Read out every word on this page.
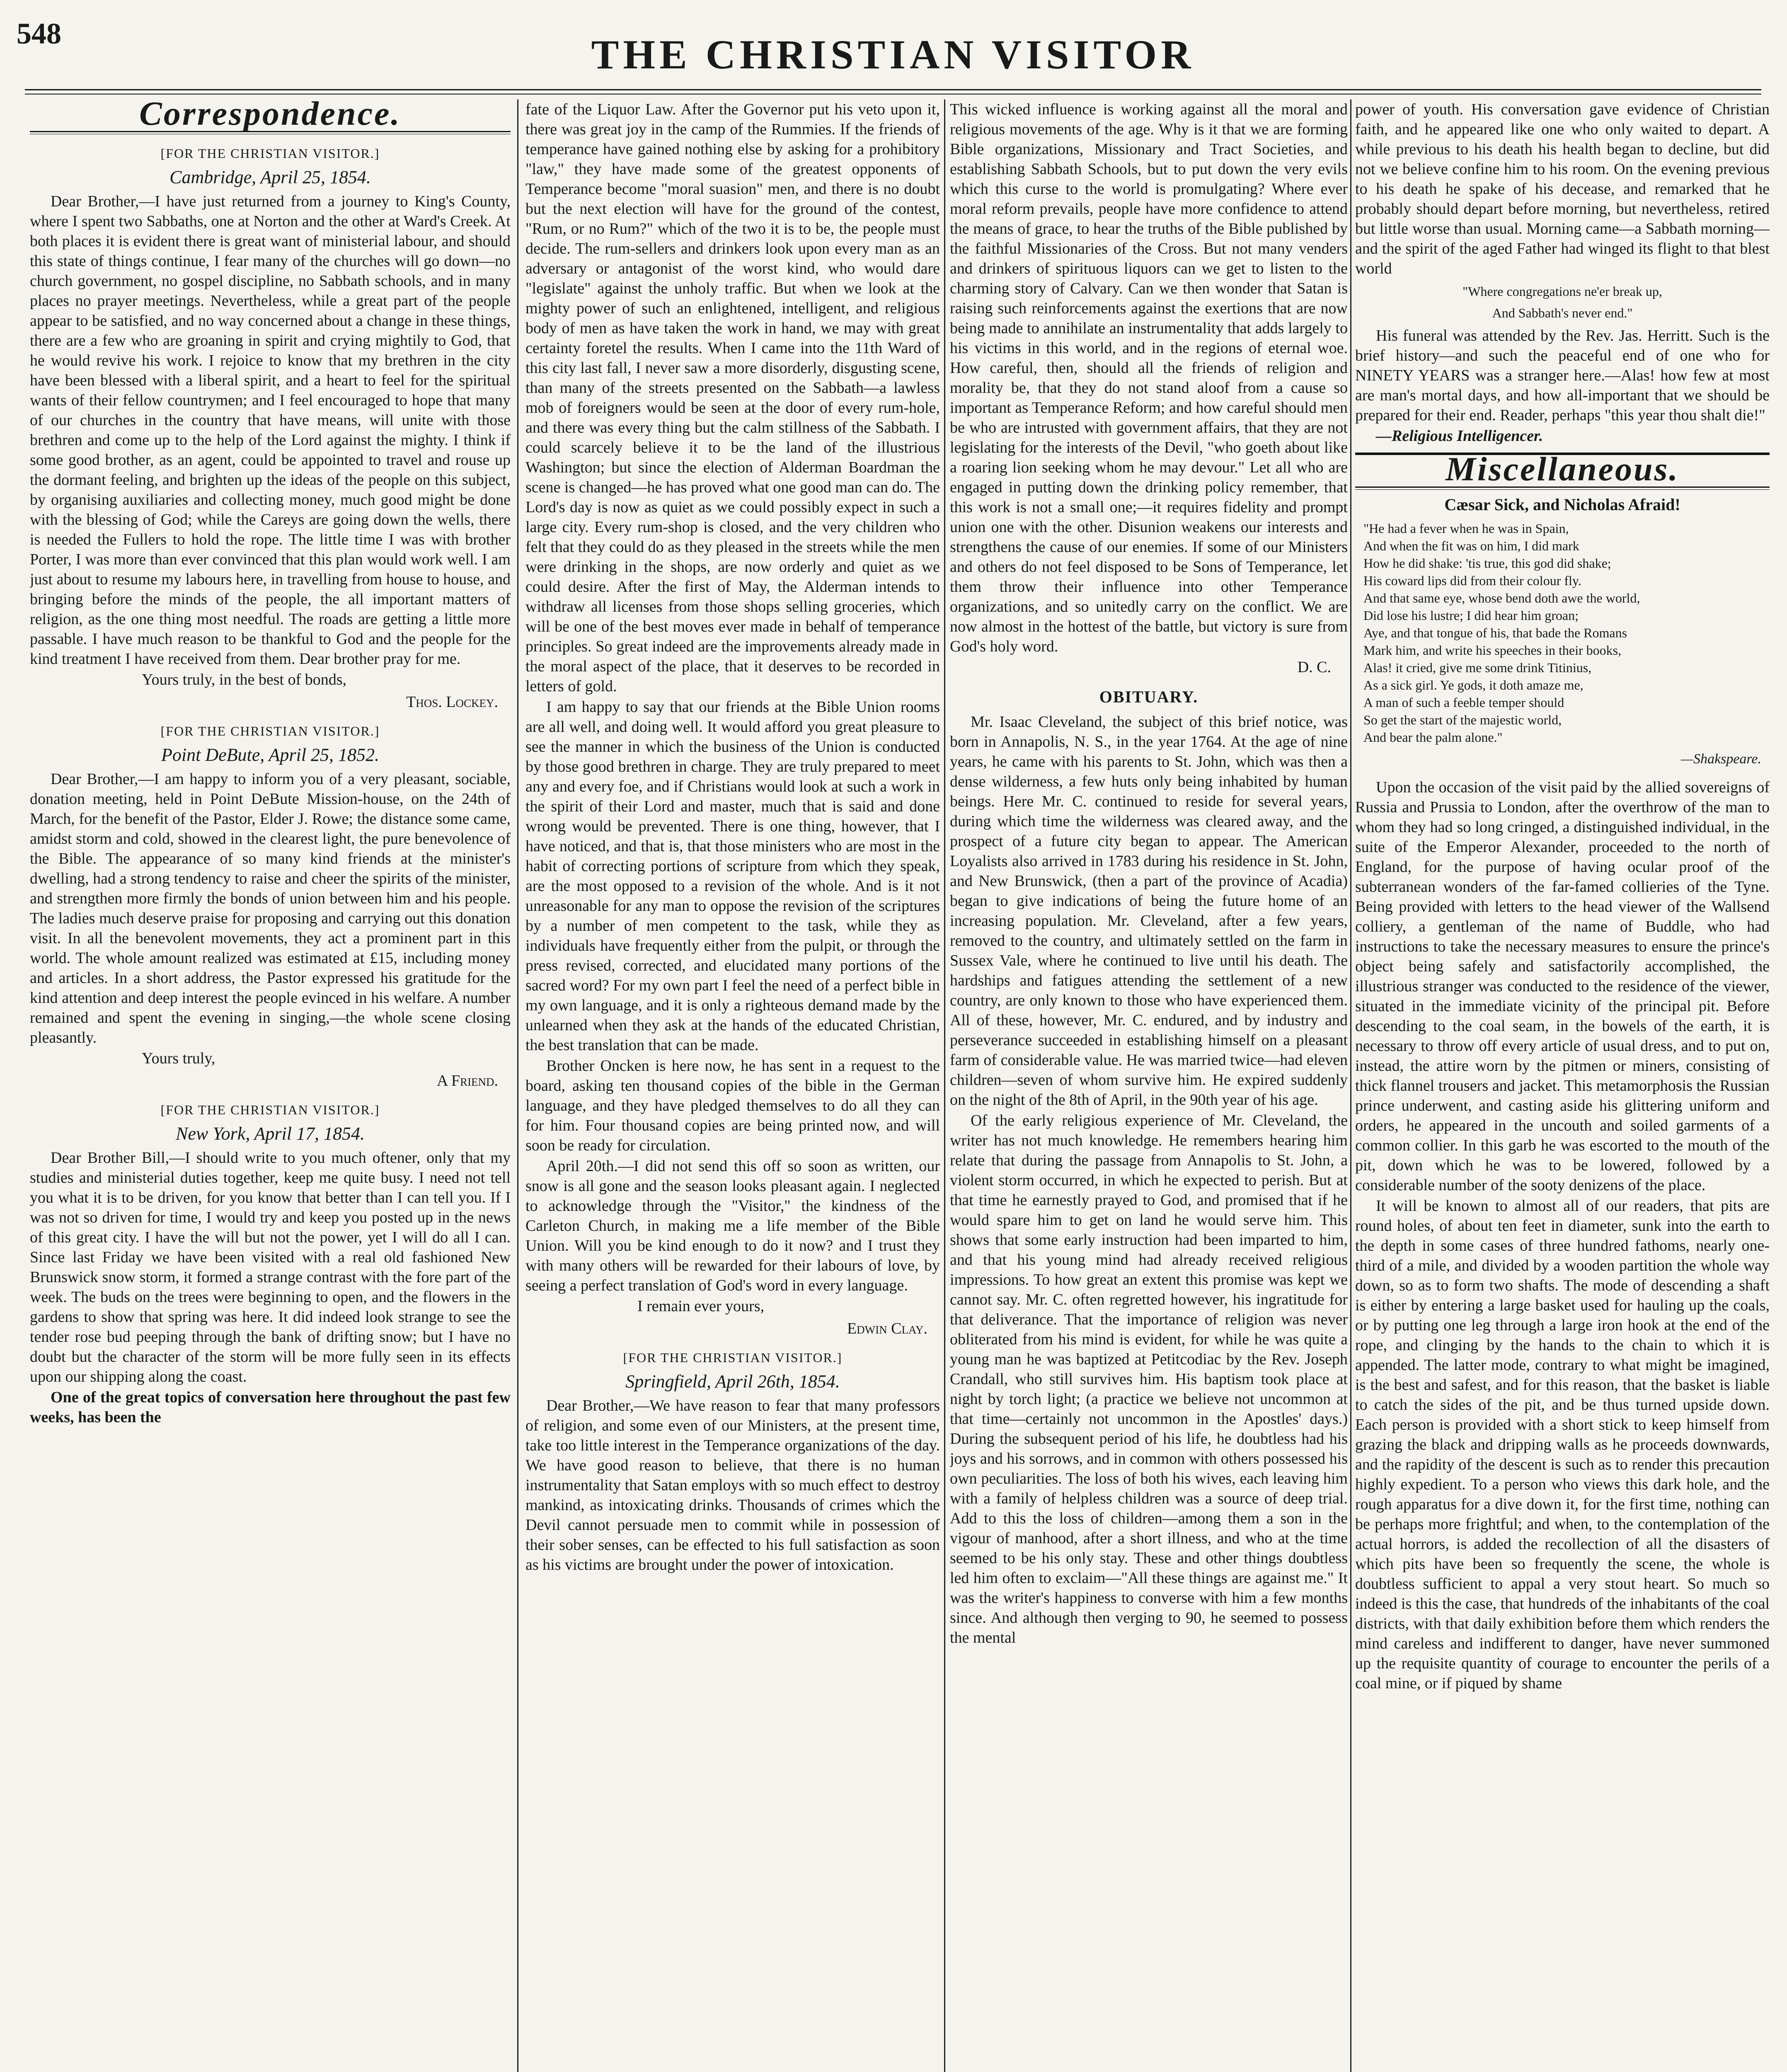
548	THE CHRISTIAN VISITOR
Correspondence.
[FOR THE CHRISTIAN VISITOR.]
Cambridge, April 25, 1854.

Dear Brother,—I have just returned from a journey to King's County, where I spent two Sabbaths, one at Norton and the other at Ward's Creek. At both places it is evident there is great want of ministerial labour, and should this state of things continue, I fear many of the churches will go down—no church government, no gospel discipline, no Sabbath schools, and in many places no prayer meetings. Nevertheless, while a great part of the people appear to be satisfied, and no way concerned about a change in these things, there are a few who are groaning in spirit and crying mightily to God, that he would revive his work. I rejoice to know that my brethren in the city have been blessed with a liberal spirit, and a heart to feel for the spiritual wants of their fellow countrymen; and I feel encouraged to hope that many of our churches in the country that have means, will unite with those brethren and come up to the help of the Lord against the mighty. I think if some good brother, as an agent, could be appointed to travel and rouse up the dormant feeling, and brighten up the ideas of the people on this subject, by organising auxiliaries and collecting money, much good might be done with the blessing of God; while the Careys are going down the wells, there is needed the Fullers to hold the rope. The little time I was with brother Porter, I was more than ever convinced that this plan would work well. I am just about to resume my labours here, in travelling from house to house, and bringing before the minds of the people, the all important matters of religion, as the one thing most needful. The roads are getting a little more passable. I have much reason to be thankful to God and the people for the kind treatment I have received from them. Dear brother pray for me.

Yours truly, in the best of bonds,

Thos. Lockey.
[FOR THE CHRISTIAN VISITOR.]
Point DeBute, April 25, 1852.

Dear Brother,—I am happy to inform you of a very pleasant, sociable, donation meeting, held in Point DeBute Mission-house, on the 24th of March, for the benefit of the Pastor, Elder J. Rowe; the distance some came, amidst storm and cold, showed in the clearest light, the pure benevolence of the Bible. The appearance of so many kind friends at the minister's dwelling, had a strong tendency to raise and cheer the spirits of the minister, and strengthen more firmly the bonds of union between him and his people. The ladies much deserve praise for proposing and carrying out this donation visit. In all the benevolent movements, they act a prominent part in this world. The whole amount realized was estimated at £15, including money and articles. In a short address, the Pastor expressed his gratitude for the kind attention and deep interest the people evinced in his welfare. A number remained and spent the evening in singing,—the whole scene closing pleasantly.

Yours truly,

A Friend.
[FOR THE CHRISTIAN VISITOR.]
New York, April 17, 1854.

Dear Brother Bill,—I should write to you much oftener, only that my studies and ministerial duties together, keep me quite busy. I need not tell you what it is to be driven, for you know that better than I can tell you. If I was not so driven for time, I would try and keep you posted up in the news of this great city. I have the will but not the power, yet I will do all I can. Since last Friday we have been visited with a real old fashioned New Brunswick snow storm, it formed a strange contrast with the fore part of the week. The buds on the trees were beginning to open, and the flowers in the gardens to show that spring was here. It did indeed look strange to see the tender rose bud peeping through the bank of drifting snow; but I have no doubt but the character of the storm will be more fully seen in its effects upon our shipping along the coast.

One of the great topics of conversation here throughout the past few weeks, has been the

fate of the Liquor Law. After the Governor put his veto upon it, there was great joy in the camp of the Rummies. If the friends of temperance have gained nothing else by asking for a prohibitory "law," they have made some of the greatest opponents of Temperance become "moral suasion" men, and there is no doubt but the next election will have for the ground of the contest, "Rum, or no Rum?" which of the two it is to be, the people must decide. The rum-sellers and drinkers look upon every man as an adversary or antagonist of the worst kind, who would dare "legislate" against the unholy traffic. But when we look at the mighty power of such an enlightened, intelligent, and religious body of men as have taken the work in hand, we may with great certainty foretel the results. When I came into the 11th Ward of this city last fall, I never saw a more disorderly, disgusting scene, than many of the streets presented on the Sabbath—a lawless mob of foreigners would be seen at the door of every rum-hole, and there was every thing but the calm stillness of the Sabbath. I could scarcely believe it to be the land of the illustrious Washington; but since the election of Alderman Boardman the scene is changed—he has proved what one good man can do. The Lord's day is now as quiet as we could possibly expect in such a large city. Every rum-shop is closed, and the very children who felt that they could do as they pleased in the streets while the men were drinking in the shops, are now orderly and quiet as we could desire. After the first of May, the Alderman intends to withdraw all licenses from those shops selling groceries, which will be one of the best moves ever made in behalf of temperance principles. So great indeed are the improvements already made in the moral aspect of the place, that it deserves to be recorded in letters of gold.

I am happy to say that our friends at the Bible Union rooms are all well, and doing well. It would afford you great pleasure to see the manner in which the business of the Union is conducted by those good brethren in charge. They are truly prepared to meet any and every foe, and if Christians would look at such a work in the spirit of their Lord and master, much that is said and done wrong would be prevented. There is one thing, however, that I have noticed, and that is, that those ministers who are most in the habit of correcting portions of scripture from which they speak, are the most opposed to a revision of the whole. And is it not unreasonable for any man to oppose the revision of the scriptures by a number of men competent to the task, while they as individuals have frequently either from the pulpit, or through the press revised, corrected, and elucidated many portions of the sacred word? For my own part I feel the need of a perfect bible in my own language, and it is only a righteous demand made by the unlearned when they ask at the hands of the educated Christian, the best translation that can be made.

Brother Oncken is here now, he has sent in a request to the board, asking ten thousand copies of the bible in the German language, and they have pledged themselves to do all they can for him. Four thousand copies are being printed now, and will soon be ready for circulation.

April 20th.—I did not send this off so soon as written, our snow is all gone and the season looks pleasant again. I neglected to acknowledge through the "Visitor," the kindness of the Carleton Church, in making me a life member of the Bible Union. Will you be kind enough to do it now? and I trust they with many others will be rewarded for their labours of love, by seeing a perfect translation of God's word in every language.

I remain ever yours,

Edwin Clay.
[FOR THE CHRISTIAN VISITOR.]
Springfield, April 26th, 1854.

Dear Brother,—We have reason to fear that many professors of religion, and some even of our Ministers, at the present time, take too little interest in the Temperance organizations of the day. We have good reason to believe, that there is no human instrumentality that Satan employs with so much effect to destroy mankind, as intoxicating drinks. Thousands of crimes which the Devil cannot persuade men to commit while in possession of their sober senses, can be effected to his full satisfaction as soon as his victims are brought under the power of intoxication.

This wicked influence is working against all the moral and religious movements of the age. Why is it that we are forming Bible organizations, Missionary and Tract Societies, and establishing Sabbath Schools, but to put down the very evils which this curse to the world is promulgating? Where ever moral reform prevails, people have more confidence to attend the means of grace, to hear the truths of the Bible published by the faithful Missionaries of the Cross. But not many venders and drinkers of spirituous liquors can we get to listen to the charming story of Calvary. Can we then wonder that Satan is raising such reinforcements against the exertions that are now being made to annihilate an instrumentality that adds largely to his victims in this world, and in the regions of eternal woe. How careful, then, should all the friends of religion and morality be, that they do not stand aloof from a cause so important as Temperance Reform; and how careful should men be who are intrusted with government affairs, that they are not legislating for the interests of the Devil, "who goeth about like a roaring lion seeking whom he may devour." Let all who are engaged in putting down the drinking policy remember, that this work is not a small one;—it requires fidelity and prompt union one with the other. Disunion weakens our interests and strengthens the cause of our enemies. If some of our Ministers and others do not feel disposed to be Sons of Temperance, let them throw their influence into other Temperance organizations, and so unitedly carry on the conflict. We are now almost in the hottest of the battle, but victory is sure from God's holy word.

D. C.
OBITUARY.

Mr. Isaac Cleveland, the subject of this brief notice, was born in Annapolis, N. S., in the year 1764. At the age of nine years, he came with his parents to St. John, which was then a dense wilderness, a few huts only being inhabited by human beings. Here Mr. C. continued to reside for several years, during which time the wilderness was cleared away, and the prospect of a future city began to appear. The American Loyalists also arrived in 1783 during his residence in St. John, and New Brunswick, (then a part of the province of Acadia) began to give indications of being the future home of an increasing population. Mr. Cleveland, after a few years, removed to the country, and ultimately settled on the farm in Sussex Vale, where he continued to live until his death. The hardships and fatigues attending the settlement of a new country, are only known to those who have experienced them. All of these, however, Mr. C. endured, and by industry and perseverance succeeded in establishing himself on a pleasant farm of considerable value. He was married twice—had eleven children—seven of whom survive him. He expired suddenly on the night of the 8th of April, in the 90th year of his age.

Of the early religious experience of Mr. Cleveland, the writer has not much knowledge. He remembers hearing him relate that during the passage from Annapolis to St. John, a violent storm occurred, in which he expected to perish. But at that time he earnestly prayed to God, and promised that if he would spare him to get on land he would serve him. This shows that some early instruction had been imparted to him, and that his young mind had already received religious impressions. To how great an extent this promise was kept we cannot say. Mr. C. often regretted however, his ingratitude for that deliverance. That the importance of religion was never obliterated from his mind is evident, for while he was quite a young man he was baptized at Petitcodiac by the Rev. Joseph Crandall, who still survives him. His baptism took place at night by torch light; (a practice we believe not uncommon at that time—certainly not uncommon in the Apostles' days.) During the subsequent period of his life, he doubtless had his joys and his sorrows, and in common with others possessed his own peculiarities. The loss of both his wives, each leaving him with a family of helpless children was a source of deep trial. Add to this the loss of children—among them a son in the vigour of manhood, after a short illness, and who at the time seemed to be his only stay. These and other things doubtless led him often to exclaim—"All these things are against me." It was the writer's happiness to converse with him a few months since. And although then verging to 90, he seemed to possess the mental

power of youth. His conversation gave evidence of Christian faith, and he appeared like one who only waited to depart. A while previous to his death his health began to decline, but did not we believe confine him to his room. On the evening previous to his death he spake of his decease, and remarked that he probably should depart before morning, but nevertheless, retired but little worse than usual. Morning came—a Sabbath morning—and the spirit of the aged Father had winged its flight to that blest world

"Where congregations ne'er break up,
And Sabbath's never end."

His funeral was attended by the Rev. Jas. Herritt. Such is the brief history—and such the peaceful end of one who for NINETY YEARS was a stranger here.—Alas! how few at most are man's mortal days, and how all-important that we should be prepared for their end. Reader, perhaps "this year thou shalt die!"

—Religious Intelligencer.
Miscellaneous.
Cæsar Sick, and Nicholas Afraid!
"He had a fever when he was in Spain,
And when the fit was on him, I did mark
How he did shake: 'tis true, this god did shake;
His coward lips did from their colour fly.
And that same eye, whose bend doth awe the world,
Did lose his lustre; I did hear him groan;
Aye, and that tongue of his, that bade the Romans
Mark him, and write his speeches in their books,
Alas! it cried, give me some drink Titinius,
As a sick girl. Ye gods, it doth amaze me,
A man of such a feeble temper should
So get the start of the majestic world,
And bear the palm alone."
—Shakspeare.

Upon the occasion of the visit paid by the allied sovereigns of Russia and Prussia to London, after the overthrow of the man to whom they had so long cringed, a distinguished individual, in the suite of the Emperor Alexander, proceeded to the north of England, for the purpose of having ocular proof of the subterranean wonders of the far-famed collieries of the Tyne. Being provided with letters to the head viewer of the Wallsend colliery, a gentleman of the name of Buddle, who had instructions to take the necessary measures to ensure the prince's object being safely and satisfactorily accomplished, the illustrious stranger was conducted to the residence of the viewer, situated in the immediate vicinity of the principal pit. Before descending to the coal seam, in the bowels of the earth, it is necessary to throw off every article of usual dress, and to put on, instead, the attire worn by the pitmen or miners, consisting of thick flannel trousers and jacket. This metamorphosis the Russian prince underwent, and casting aside his glittering uniform and orders, he appeared in the uncouth and soiled garments of a common collier. In this garb he was escorted to the mouth of the pit, down which he was to be lowered, followed by a considerable number of the sooty denizens of the place.

It will be known to almost all of our readers, that pits are round holes, of about ten feet in diameter, sunk into the earth to the depth in some cases of three hundred fathoms, nearly one-third of a mile, and divided by a wooden partition the whole way down, so as to form two shafts. The mode of descending a shaft is either by entering a large basket used for hauling up the coals, or by putting one leg through a large iron hook at the end of the rope, and clinging by the hands to the chain to which it is appended. The latter mode, contrary to what might be imagined, is the best and safest, and for this reason, that the basket is liable to catch the sides of the pit, and be thus turned upside down. Each person is provided with a short stick to keep himself from grazing the black and dripping walls as he proceeds downwards, and the rapidity of the descent is such as to render this precaution highly expedient. To a person who views this dark hole, and the rough apparatus for a dive down it, for the first time, nothing can be perhaps more frightful; and when, to the contemplation of the actual horrors, is added the recollection of all the disasters of which pits have been so frequently the scene, the whole is doubtless sufficient to appal a very stout heart. So much so indeed is this the case, that hundreds of the inhabitants of the coal districts, with that daily exhibition before them which renders the mind careless and indifferent to danger, have never summoned up the requisite quantity of courage to encounter the perils of a coal mine, or if piqued by shame
